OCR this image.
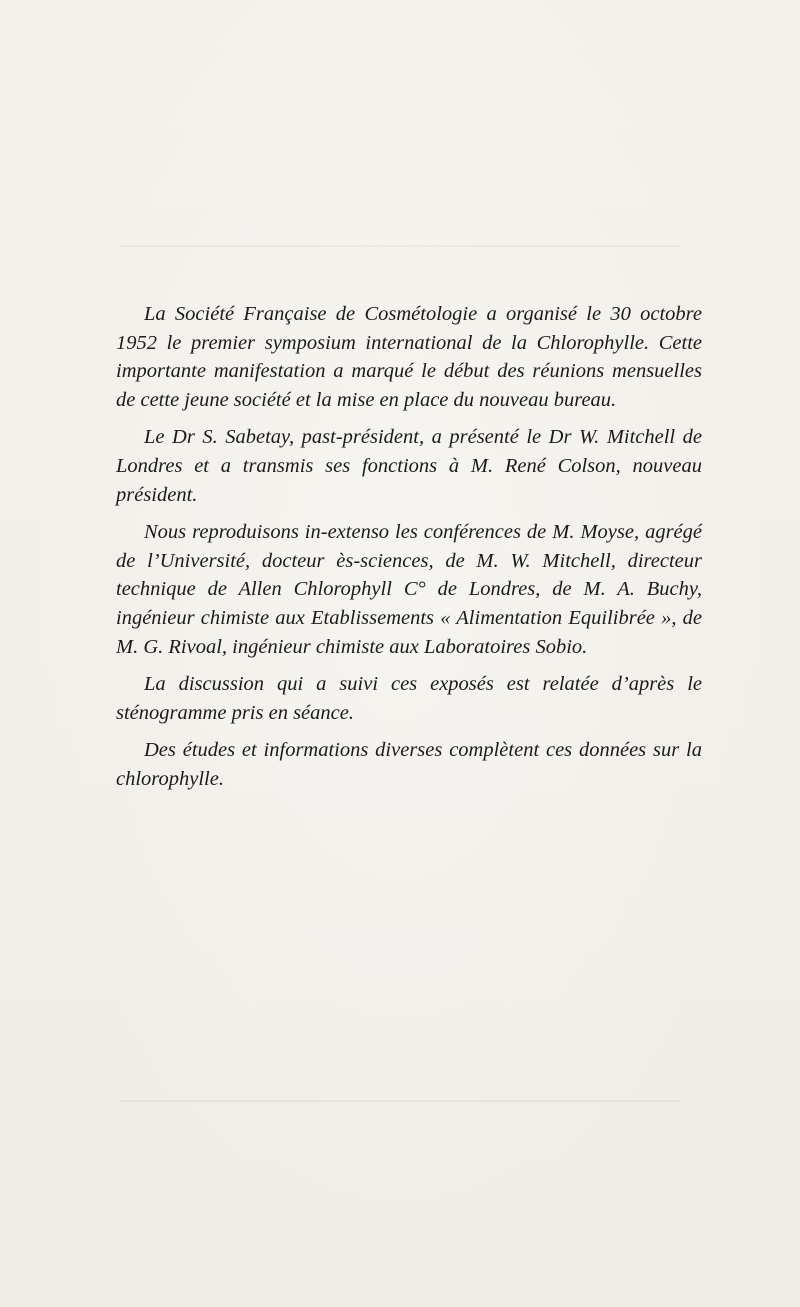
La Société Française de Cosmétologie a organisé le 30 octobre 1952 le premier symposium international de la Chlorophylle. Cette importante manifestation a marqué le début des réunions mensuelles de cette jeune société et la mise en place du nouveau bureau.

Le Dr S. Sabetay, past-président, a présenté le Dr W. Mitchell de Londres et a transmis ses fonctions à M. René Colson, nouveau président.

Nous reproduisons in-extenso les conférences de M. Moyse, agrégé de l’Université, docteur ès-sciences, de M. W. Mitchell, directeur technique de Allen Chlorophyll C° de Londres, de M. A. Buchy, ingénieur chimiste aux Etablissements « Alimentation Equilibrée », de M. G. Rivoal, ingénieur chimiste aux Laboratoires Sobio.

La discussion qui a suivi ces exposés est relatée d’après le sténogramme pris en séance.

Des études et informations diverses complètent ces données sur la chlorophylle.
